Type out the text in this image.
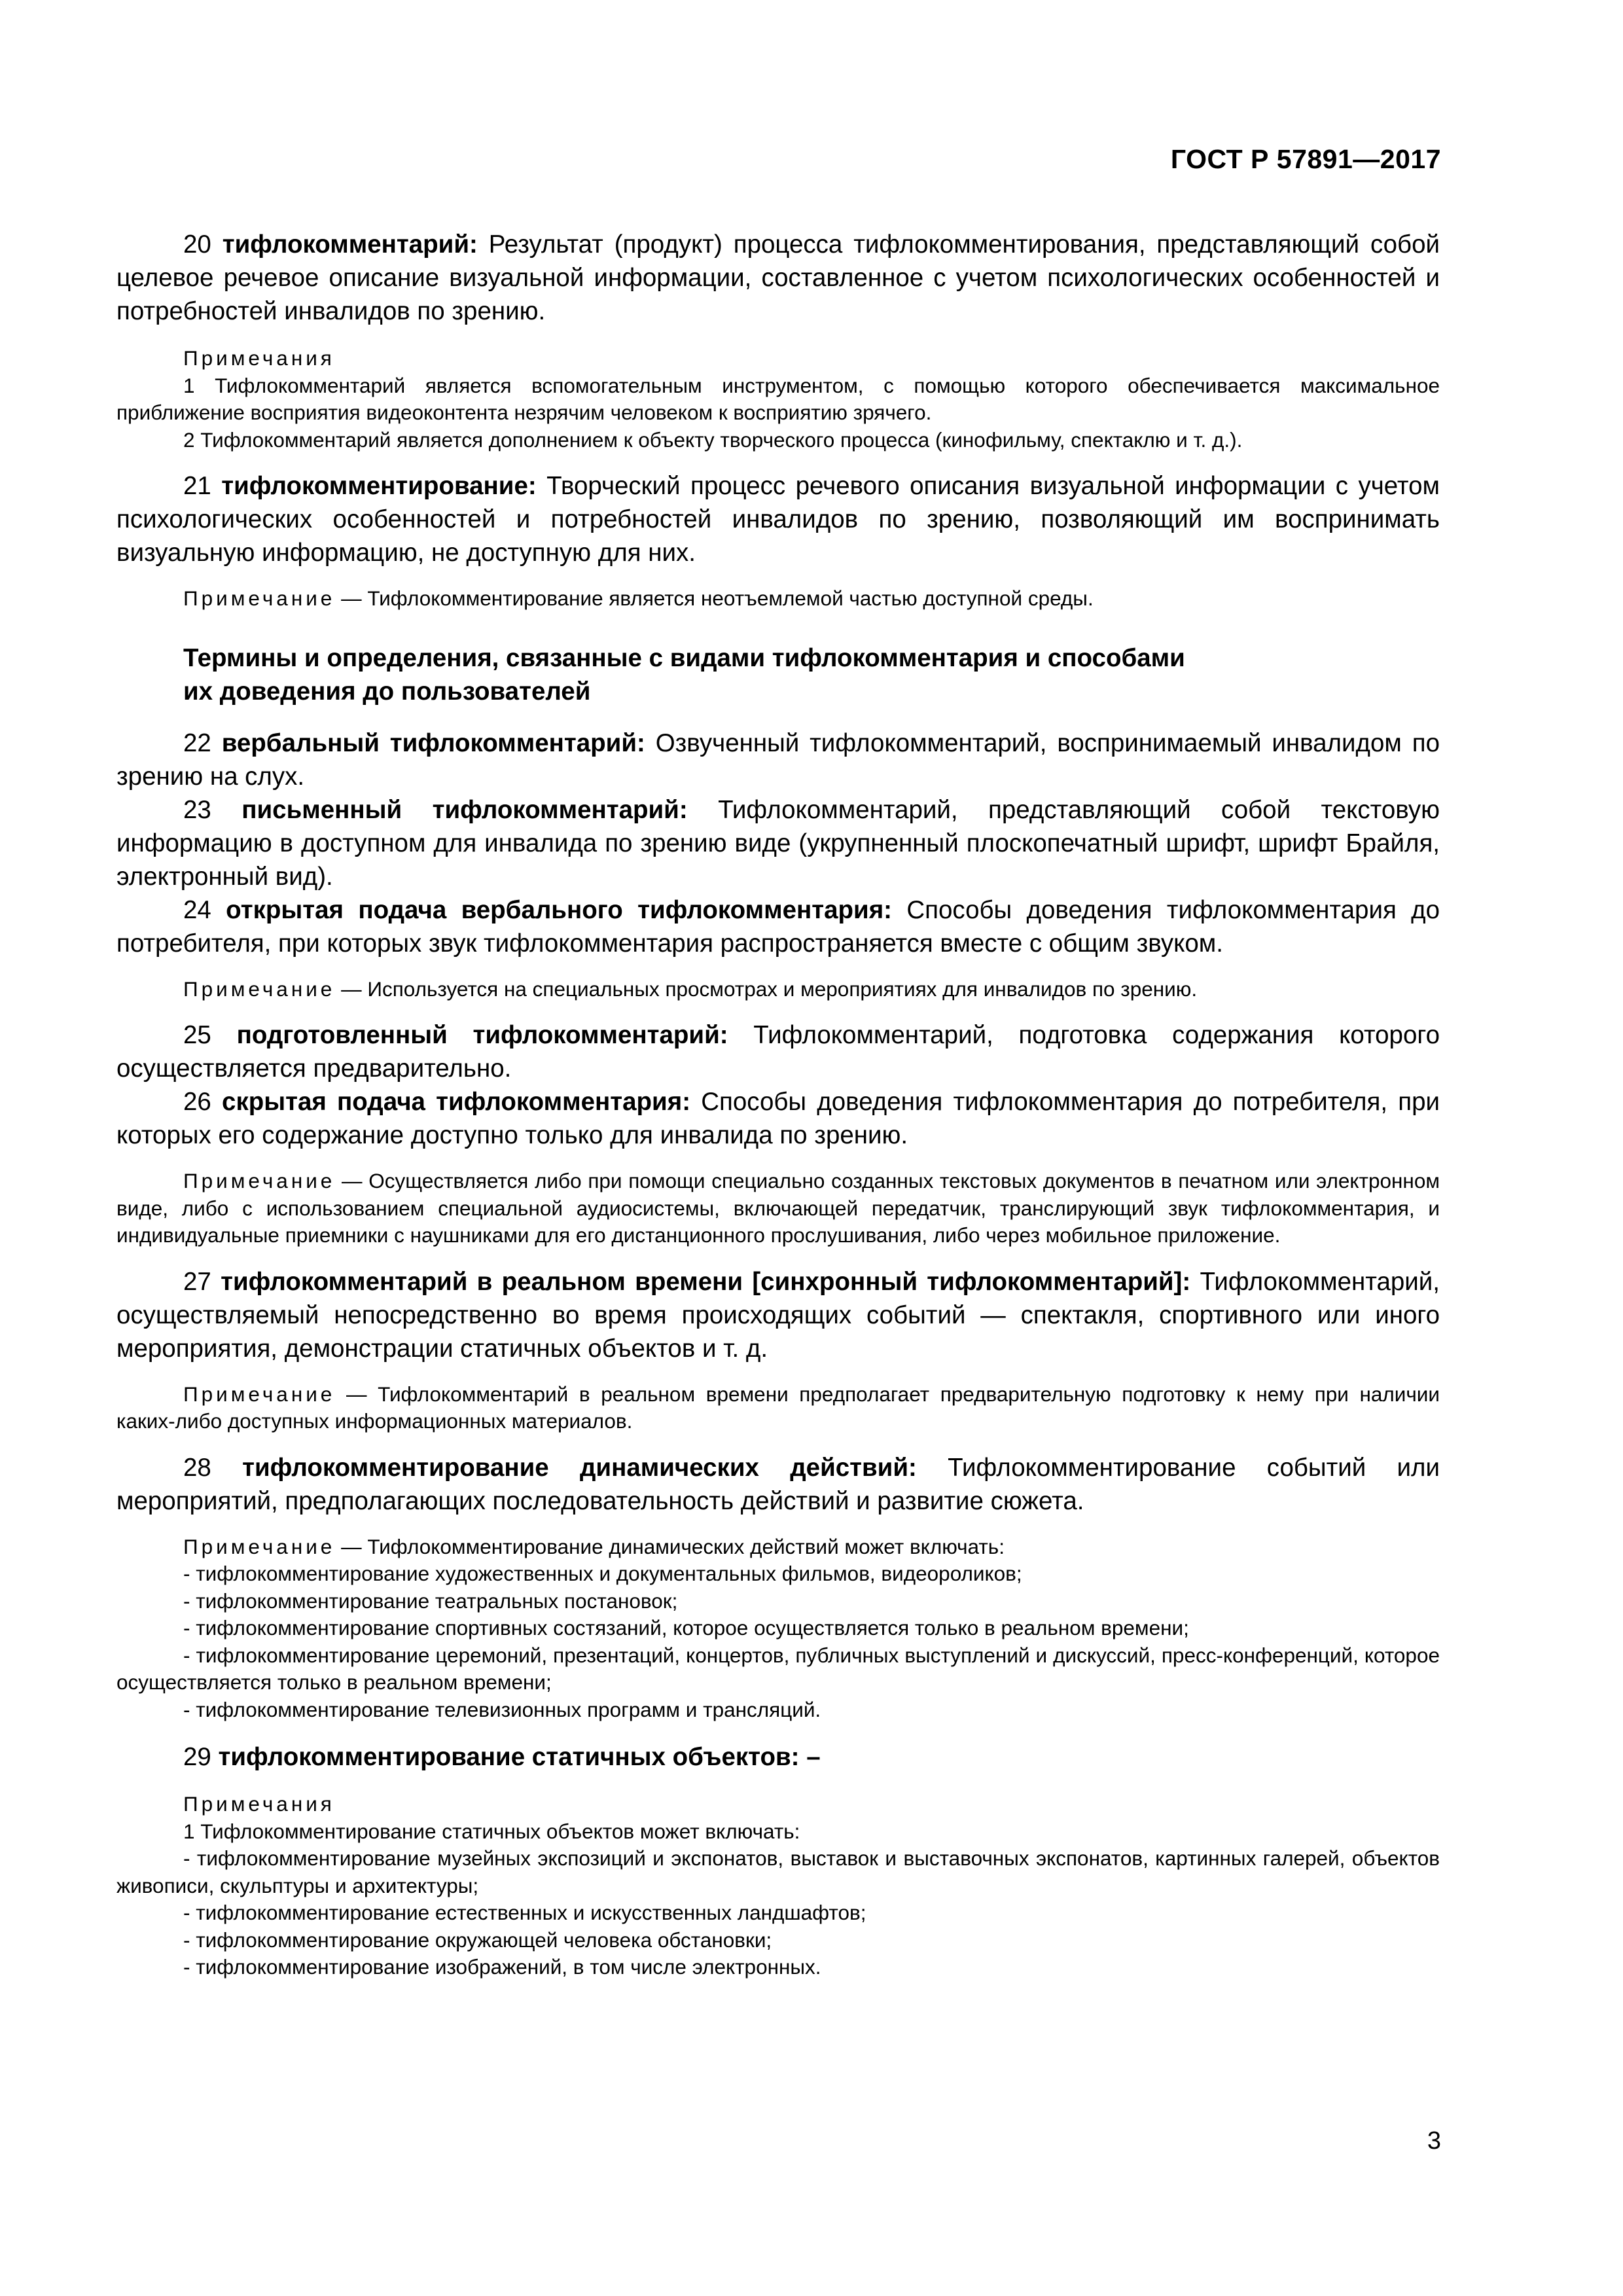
ГОСТ Р 57891—2017

20 тифлокомментарий: Результат (продукт) процесса тифлокомментирования, представляющий собой целевое речевое описание визуальной информации, составленное с учетом психологических особенностей и потребностей инвалидов по зрению.

Примечания

1 Тифлокомментарий является вспомогательным инструментом, с помощью которого обеспечивается максимальное приближение восприятия видеоконтента незрячим человеком к восприятию зрячего.

2 Тифлокомментарий является дополнением к объекту творческого процесса (кинофильму, спектаклю и т. д.).

21 тифлокомментирование: Творческий процесс речевого описания визуальной информации с учетом психологических особенностей и потребностей инвалидов по зрению, позволяющий им воспринимать визуальную информацию, не доступную для них.

Примечание — Тифлокомментирование является неотъемлемой частью доступной среды.

Термины и определения, связанные с видами тифлокомментария и способами

их доведения до пользователей

22 вербальный тифлокомментарий: Озвученный тифлокомментарий, воспринимаемый инвалидом по зрению на слух.

23 письменный тифлокомментарий: Тифлокомментарий, представляющий собой текстовую информацию в доступном для инвалида по зрению виде (укрупненный плоскопечатный шрифт, шрифт Брайля, электронный вид).

24 открытая подача вербального тифлокомментария: Способы доведения тифлокомментария до потребителя, при которых звук тифлокомментария распространяется вместе с общим звуком.

Примечание — Используется на специальных просмотрах и мероприятиях для инвалидов по зрению.

25 подготовленный тифлокомментарий: Тифлокомментарий, подготовка содержания которого осуществляется предварительно.

26 скрытая подача тифлокомментария: Способы доведения тифлокомментария до потребителя, при которых его содержание доступно только для инвалида по зрению.

Примечание — Осуществляется либо при помощи специально созданных текстовых документов в печатном или электронном виде, либо с использованием специальной аудиосистемы, включающей передатчик, транслирующий звук тифлокомментария, и индивидуальные приемники с наушниками для его дистанционного прослушивания, либо через мобильное приложение.

27 тифлокомментарий в реальном времени [синхронный тифлокомментарий]: Тифлокомментарий, осуществляемый непосредственно во время происходящих событий — спектакля, спортивного или иного мероприятия, демонстрации статичных объектов и т. д.

Примечание — Тифлокомментарий в реальном времени предполагает предварительную подготовку к нему при наличии каких-либо доступных информационных материалов.

28 тифлокомментирование динамических действий: Тифлокомментирование событий или мероприятий, предполагающих последовательность действий и развитие сюжета.

Примечание — Тифлокомментирование динамических действий может включать:

- тифлокомментирование художественных и документальных фильмов, видеороликов;

- тифлокомментирование театральных постановок;

- тифлокомментирование спортивных состязаний, которое осуществляется только в реальном времени;

- тифлокомментирование церемоний, презентаций, концертов, публичных выступлений и дискуссий, пресс-конференций, которое осуществляется только в реальном времени;

- тифлокомментирование телевизионных программ и трансляций.

29 тифлокомментирование статичных объектов: –

Примечания

1 Тифлокомментирование статичных объектов может включать:

- тифлокомментирование музейных экспозиций и экспонатов, выставок и выставочных экспонатов, картинных галерей, объектов живописи, скульптуры и архитектуры;

- тифлокомментирование естественных и искусственных ландшафтов;

- тифлокомментирование окружающей человека обстановки;

- тифлокомментирование изображений, в том числе электронных.

3
